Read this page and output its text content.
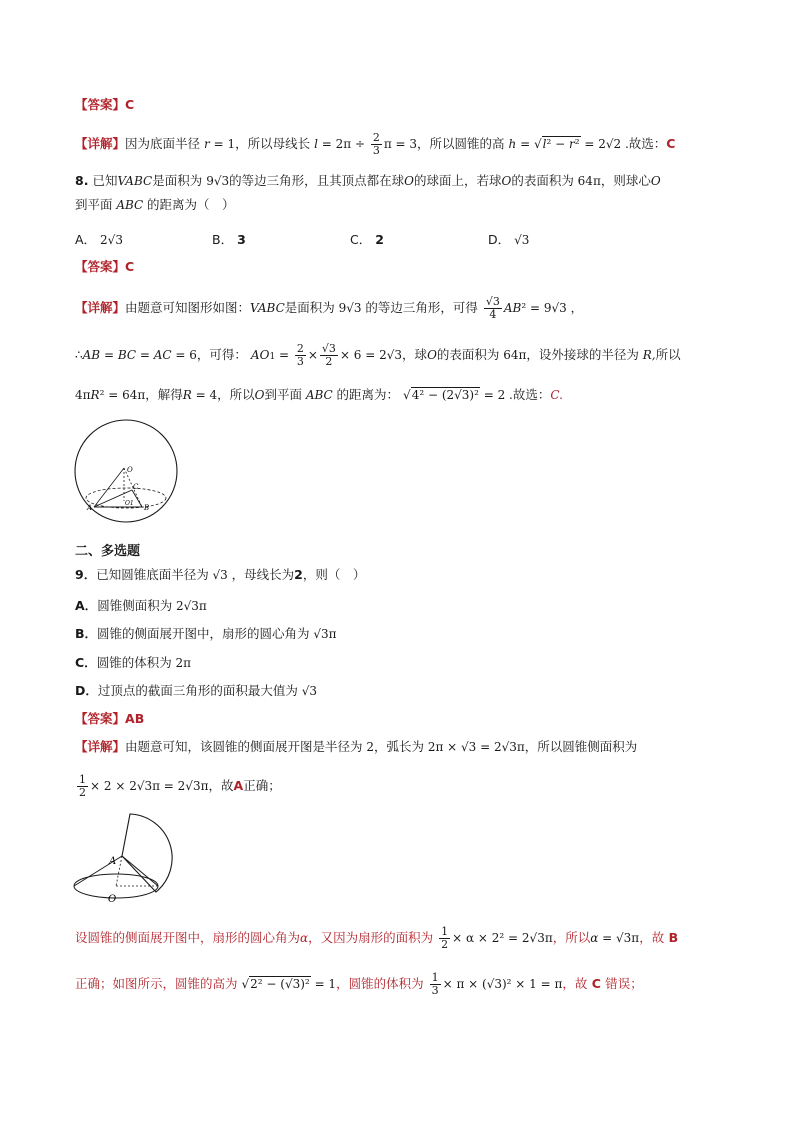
【答案】C
【详解】因为底面半径 r = 1，所以母线长 $l = 2\pi \div \frac{2}{3}$ π = 3，所以圆锥的高 h = √l² − r² = 2√2 .故选：C
8. 已知VABC是面积为 9√3的等边三角形，且其顶点都在球O的球面上，若球O的表面积为 64π，则球心O
到平面 ABC 的距离为（　）
A． 2√3	B． 3	C． 2	D． √3
【答案】C
【详解】由题意可知图形如图：VABC是面积为 9√3 的等边三角形，可得 $\frac{√3}{4} AB^2 = 9√3$ ，
∴AB = BC = AC = 6，可得： $AO1 = \frac{2}{3} \times \frac{√3}{2} \times 6 = 2√3$，球O的表面积为 64π，设外接球的半径为 R,所以
4πR² = 64π，解得R = 4，所以O到平面 ABC 的距离为： √4² − (2√3)² = 2 .故选：C.
O
C
A	B
O1
二、多选题
9．已知圆锥底面半径为 √3 ，母线长为2，则（　）
A．圆锥侧面积为 2√3π
B．圆锥的侧面展开图中，扇形的圆心角为 √3π
C．圆锥的体积为 2π
D．过顶点的截面三角形的面积最大值为 √3
【答案】AB
【详解】由题意可知，该圆锥的侧面展开图是半径为 2，弧长为 2π × √3 = 2√3π，所以圆锥侧面积为
$\frac{1}{2} \times 2 \times 2√3\pi = 2√3\pi$，故A正确；
A
O
设圆锥的侧面展开图中，扇形的圆心角为α，又因为扇形的面积为 $\frac{1}{2} \times \alpha \times 2^2 = 2√3\pi$，所以α = √3π，故 B
正确；如图所示，圆锥的高为 √2² − (√3)² = 1，圆锥的体积为 $\frac{1}{3} \times \pi \times (√3)^2 \times 1 = \pi$，故 C 错误；
